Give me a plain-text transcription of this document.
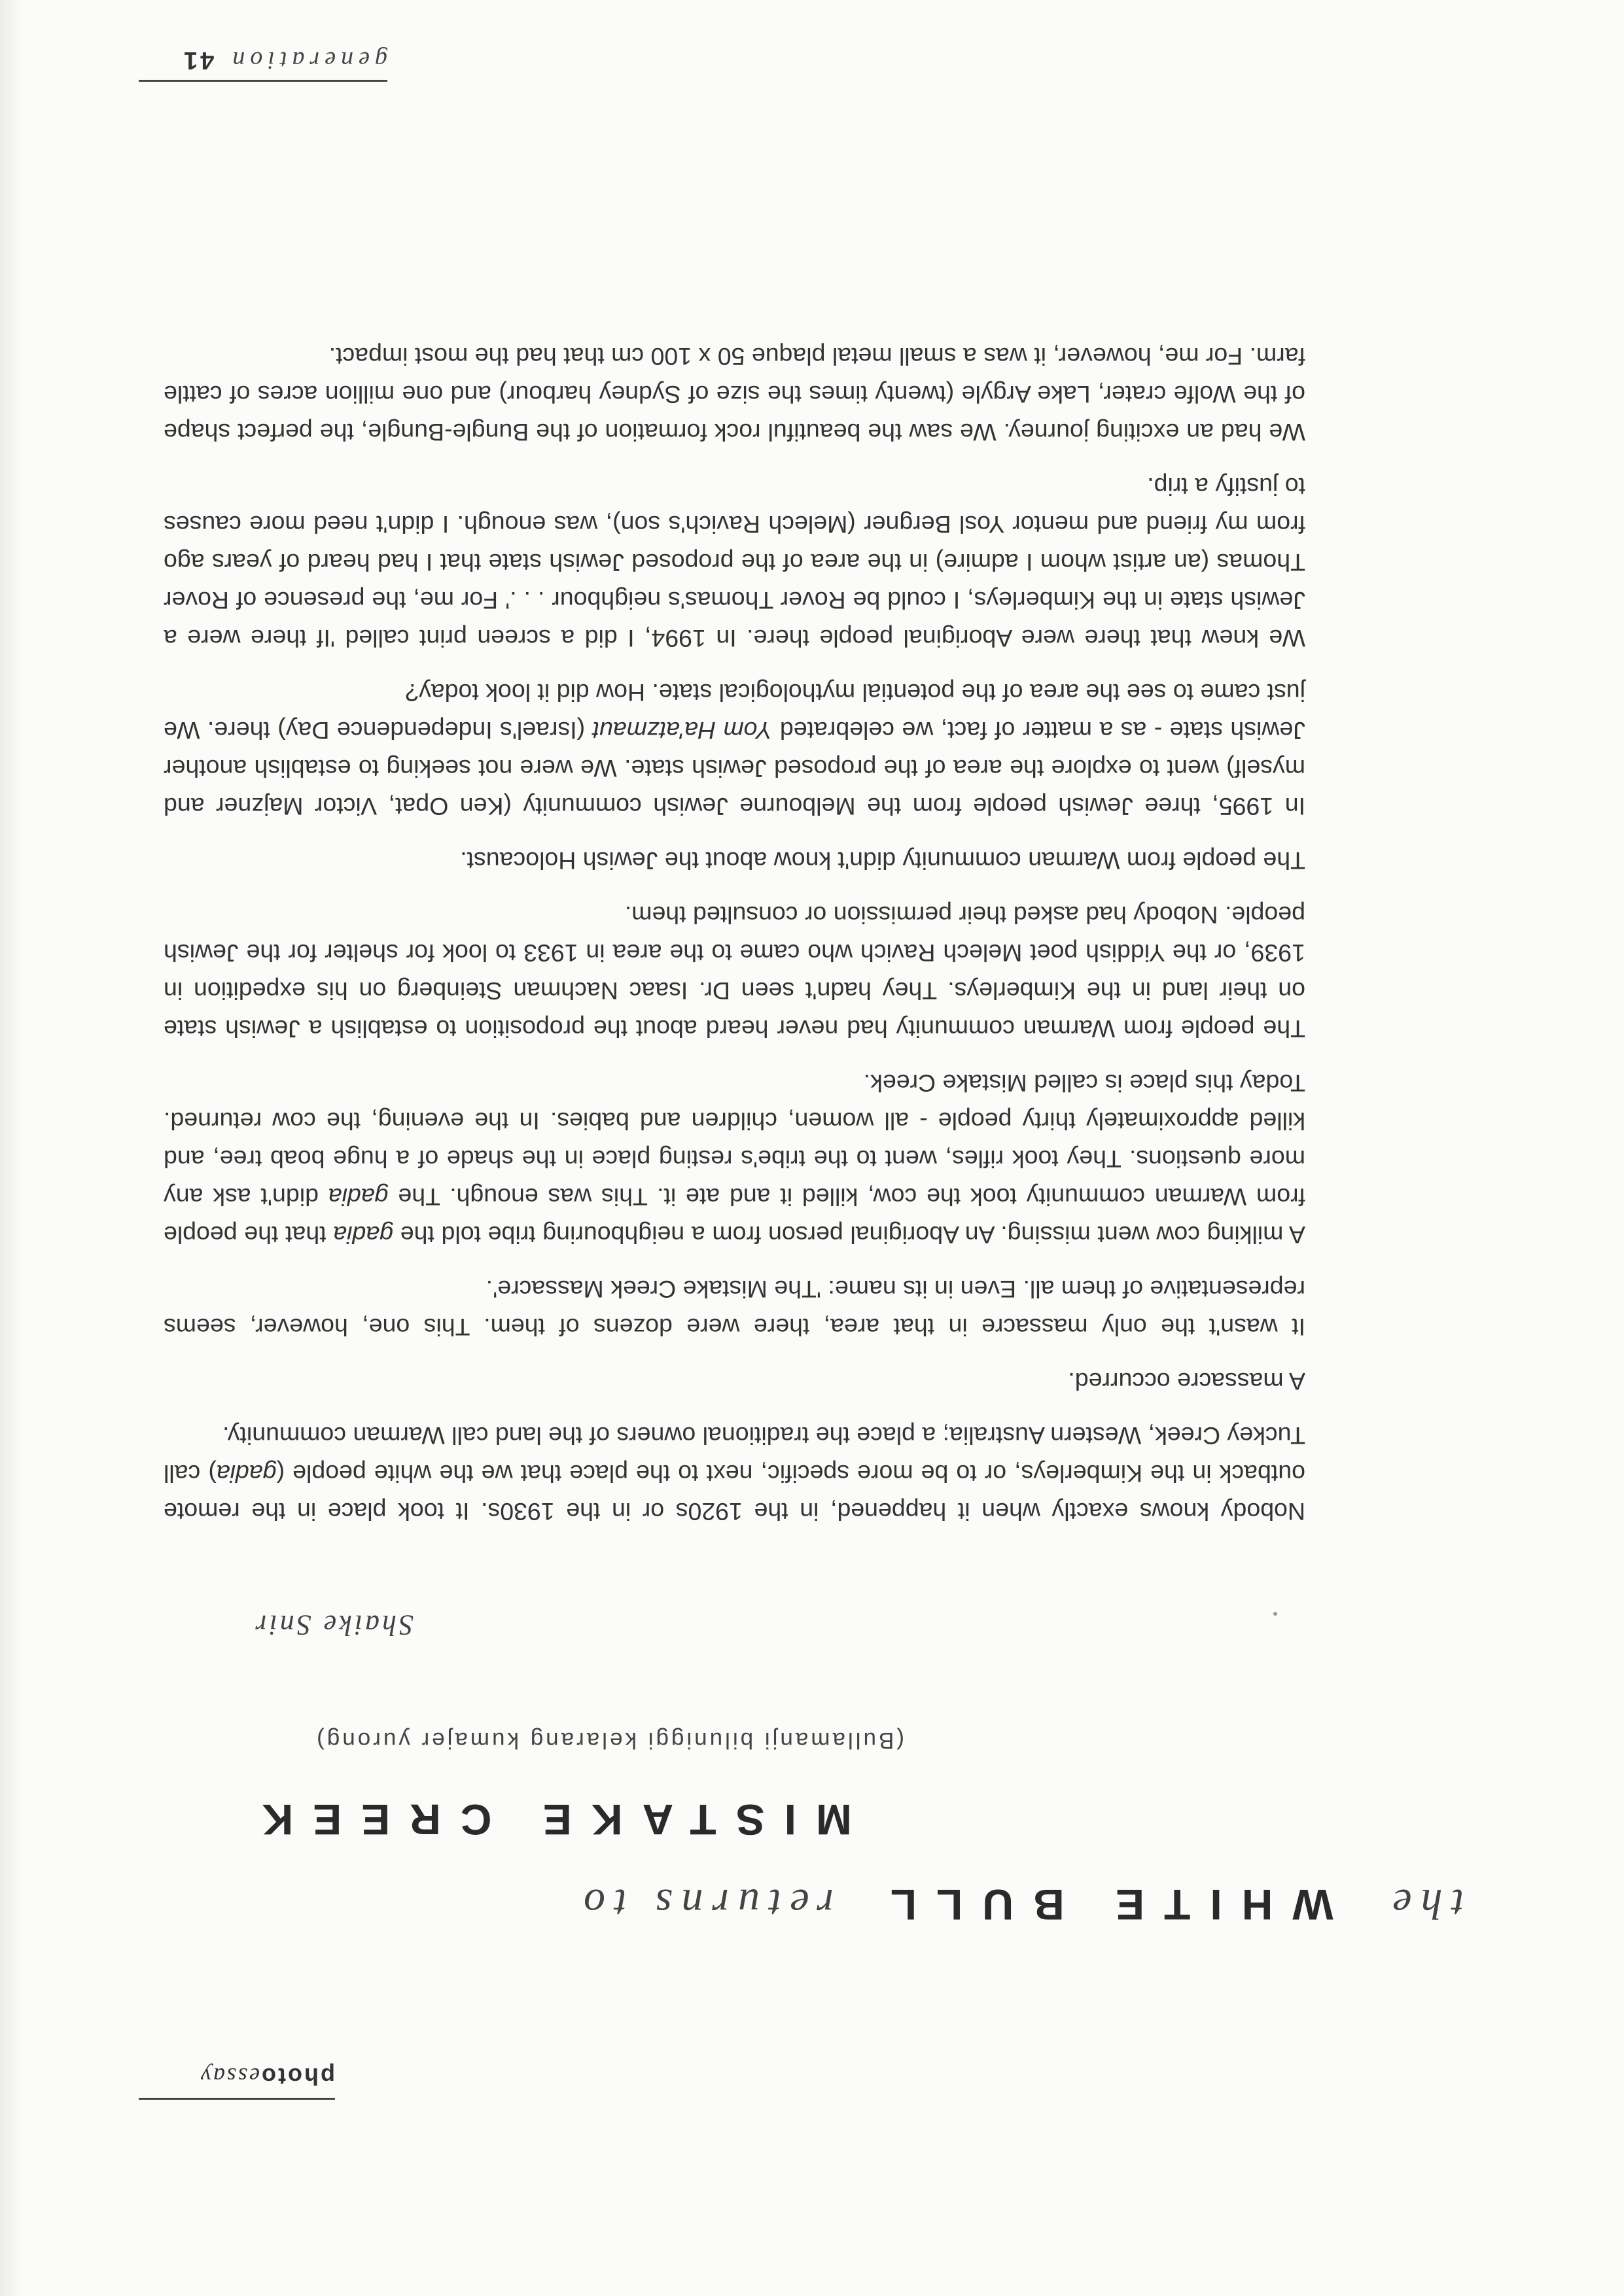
photoessay
the  WHITE BULL  returns to
MISTAKE CREEK
(Bullamanji biluniggi kelarang kumajer yurong)
Shaike Snir

Nobody knows exactly when it happened, in the 1920s or in the 1930s. It took place in the remote outback in the Kimberleys, or to be more specific, next to the place that we the white people (gadia) call Tuckey Creek, Western Australia; a place the traditional owners of the land call Warman community.

A massacre occurred.

It wasn't the only massacre in that area, there were dozens of them. This one, however, seems representative of them all. Even in its name: 'The Mistake Creek Massacre'.

A milking cow went missing. An Aboriginal person from a neighbouring tribe told the gadia that the people from Warman community took the cow, killed it and ate it. This was enough. The gadia didn't ask any more questions. They took rifles, went to the tribe's resting place in the shade of a huge boab tree, and killed approximately thirty people - all women, children and babies. In the evening, the cow returned. Today this place is called Mistake Creek.

The people from Warman community had never heard about the proposition to establish a Jewish state on their land in the Kimberleys. They hadn't seen Dr. Isaac Nachman Steinberg on his expedition in 1939, or the Yiddish poet Melech Ravich who came to the area in 1933 to look for shelter for the Jewish people. Nobody had asked their permission or consulted them.

The people from Warman community didn't know about the Jewish Holocaust.

In 1995, three Jewish people from the Melbourne Jewish community (Ken Opat, Victor Majzner and myself) went to explore the area of the proposed Jewish state. We were not seeking to establish another Jewish state - as a matter of fact, we celebrated Yom Ha'atzmaut (Israel's Independence Day) there. We just came to see the area of the potential mythological state. How did it look today?

We knew that there were Aboriginal people there. In 1994, I did a screen print called 'If there were a Jewish state in the Kimberleys, I could be Rover Thomas's neighbour . . .' For me, the presence of Rover Thomas (an artist whom I admire) in the area of the proposed Jewish state that I had heard of years ago from my friend and mentor Yosl Bergner (Melech Ravich's son), was enough. I didn't need more causes to justify a trip.

We had an exciting journey. We saw the beautiful rock formation of the Bungle-Bungle, the perfect shape of the Wolfe crater, Lake Argyle (twenty times the size of Sydney harbour) and one million acres of cattle farm. For me, however, it was a small metal plaque 50 x 100 cm that had the most impact.

generation41
